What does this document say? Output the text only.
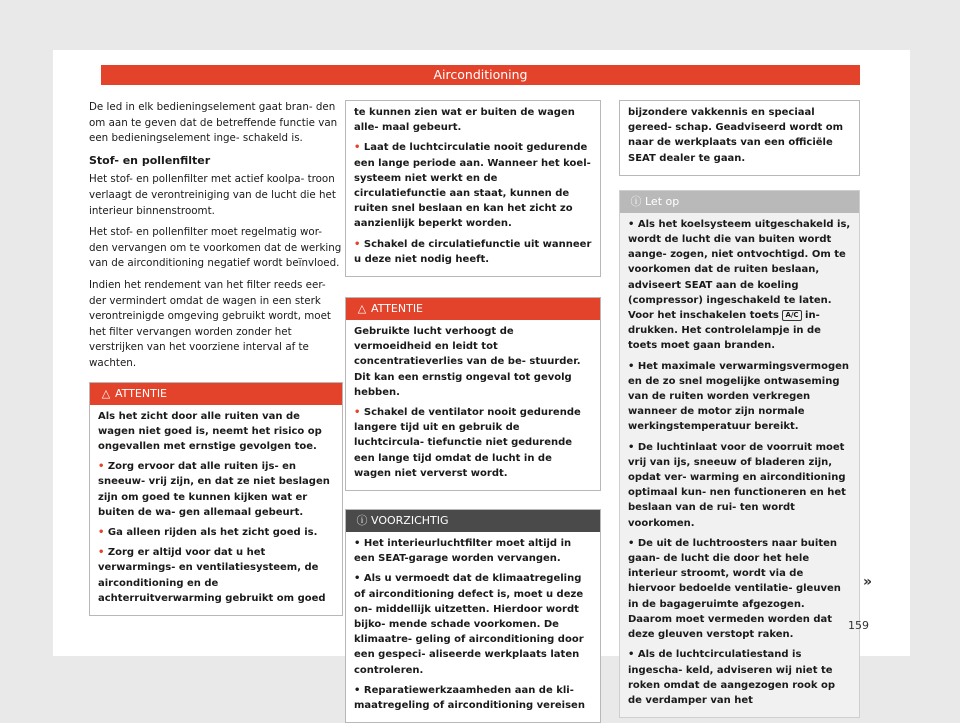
Airconditioning

De led in elk bedieningselement gaat bran- den om aan te geven dat de betreffende functie van een bedieningselement inge- schakeld is.

Stof- en pollenfilter

Het stof- en pollenfilter met actief koolpa- troon verlaagt de verontreiniging van de lucht die het interieur binnenstroomt.

Het stof- en pollenfilter moet regelmatig wor- den vervangen om te voorkomen dat de werking van de airconditioning negatief wordt beïnvloed.

Indien het rendement van het filter reeds eer- der vermindert omdat de wagen in een sterk verontreinigde omgeving gebruikt wordt, moet het filter vervangen worden zonder het verstrijken van het voorziene interval af te wachten.

△ ATTENTIE

Als het zicht door alle ruiten van de wagen niet goed is, neemt het risico op ongevallen met ernstige gevolgen toe.

• Zorg ervoor dat alle ruiten ijs- en sneeuw- vrij zijn, en dat ze niet beslagen zijn om goed te kunnen kijken wat er buiten de wa- gen allemaal gebeurt.

• Ga alleen rijden als het zicht goed is.

• Zorg er altijd voor dat u het verwarmings- en ventilatiesysteem, de airconditioning en de achterruitverwarming gebruikt om goed

te kunnen zien wat er buiten de wagen alle- maal gebeurt.

• Laat de luchtcirculatie nooit gedurende een lange periode aan. Wanneer het koel- systeem niet werkt en de circulatiefunctie aan staat, kunnen de ruiten snel beslaan en kan het zicht zo aanzienlijk beperkt worden.

• Schakel de circulatiefunctie uit wanneer u deze niet nodig heeft.

△ ATTENTIE

Gebruikte lucht verhoogt de vermoeidheid en leidt tot concentratieverlies van de be- stuurder. Dit kan een ernstig ongeval tot gevolg hebben.

• Schakel de ventilator nooit gedurende langere tijd uit en gebruik de luchtcircula- tiefunctie niet gedurende een lange tijd omdat de lucht in de wagen niet ververst wordt.

ⓘ VOORZICHTIG

• Het interieurluchtfilter moet altijd in een SEAT-garage worden vervangen.

• Als u vermoedt dat de klimaatregeling of airconditioning defect is, moet u deze on- middellijk uitzetten. Hierdoor wordt bijko- mende schade voorkomen. De klimaatre- geling of airconditioning door een gespeci- aliseerde werkplaats laten controleren.

• Reparatiewerkzaamheden aan de kli- maatregeling of airconditioning vereisen

bijzondere vakkennis en speciaal gereed- schap. Geadviseerd wordt om naar de werkplaats van een officiële SEAT dealer te gaan.

ⓘ Let op

• Als het koelsysteem uitgeschakeld is, wordt de lucht die van buiten wordt aange- zogen, niet ontvochtigd. Om te voorkomen dat de ruiten beslaan, adviseert SEAT aan de koeling (compressor) ingeschakeld te laten. Voor het inschakelen toets A/C in- drukken. Het controlelampje in de toets moet gaan branden.

• Het maximale verwarmingsvermogen en de zo snel mogelijke ontwaseming van de ruiten worden verkregen wanneer de motor zijn normale werkingstemperatuur bereikt.

• De luchtinlaat voor de voorruit moet vrij van ijs, sneeuw of bladeren zijn, opdat ver- warming en airconditioning optimaal kun- nen functioneren en het beslaan van de rui- ten wordt voorkomen.

• De uit de luchtroosters naar buiten gaan- de lucht die door het hele interieur stroomt, wordt via de hiervoor bedoelde ventilatie- gleuven in de bagageruimte afgezogen. Daarom moet vermeden worden dat deze gleuven verstopt raken.

• Als de luchtcirculatiestand is ingescha- keld, adviseren wij niet te roken omdat de aangezogen rook op de verdamper van het

»
159
